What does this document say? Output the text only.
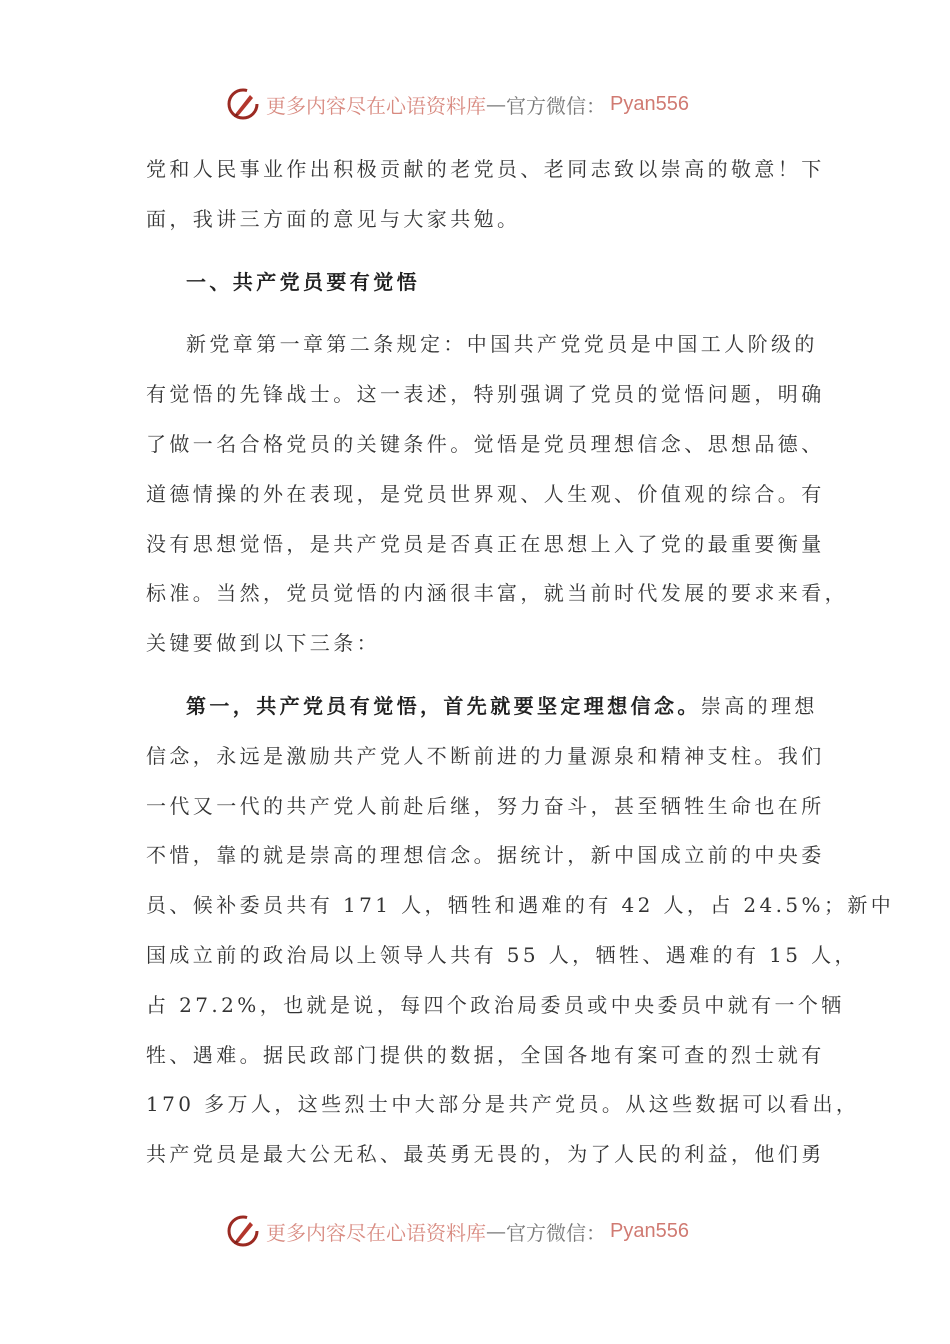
更多内容尽在心语资料库 — 官方微信： Pyan556
党和人民事业作出积极贡献的老党员、老同志致以崇高的敬意！下
面，我讲三方面的意见与大家共勉。
一、共产党员要有觉悟
新党章第一章第二条规定：中国共产党党员是中国工人阶级的
有觉悟的先锋战士。这一表述，特别强调了党员的觉悟问题，明确
了做一名合格党员的关键条件。觉悟是党员理想信念、思想品德、
道德情操的外在表现，是党员世界观、人生观、价值观的综合。有
没有思想觉悟，是共产党员是否真正在思想上入了党的最重要衡量
标准。当然，党员觉悟的内涵很丰富，就当前时代发展的要求来看，
关键要做到以下三条：
第一，共产党员有觉悟，首先就要坚定理想信念。崇高的理想
信念，永远是激励共产党人不断前进的力量源泉和精神支柱。我们
一代又一代的共产党人前赴后继，努力奋斗，甚至牺牲生命也在所
不惜，靠的就是崇高的理想信念。据统计，新中国成立前的中央委
员、候补委员共有 171 人，牺牲和遇难的有 42 人，占 24.5%；新中
国成立前的政治局以上领导人共有 55 人，牺牲、遇难的有 15 人，
占 27.2%，也就是说，每四个政治局委员或中央委员中就有一个牺
牲、遇难。据民政部门提供的数据，全国各地有案可查的烈士就有
170 多万人，这些烈士中大部分是共产党员。从这些数据可以看出，
共产党员是最大公无私、最英勇无畏的，为了人民的利益，他们勇
更多内容尽在心语资料库 — 官方微信： Pyan556
